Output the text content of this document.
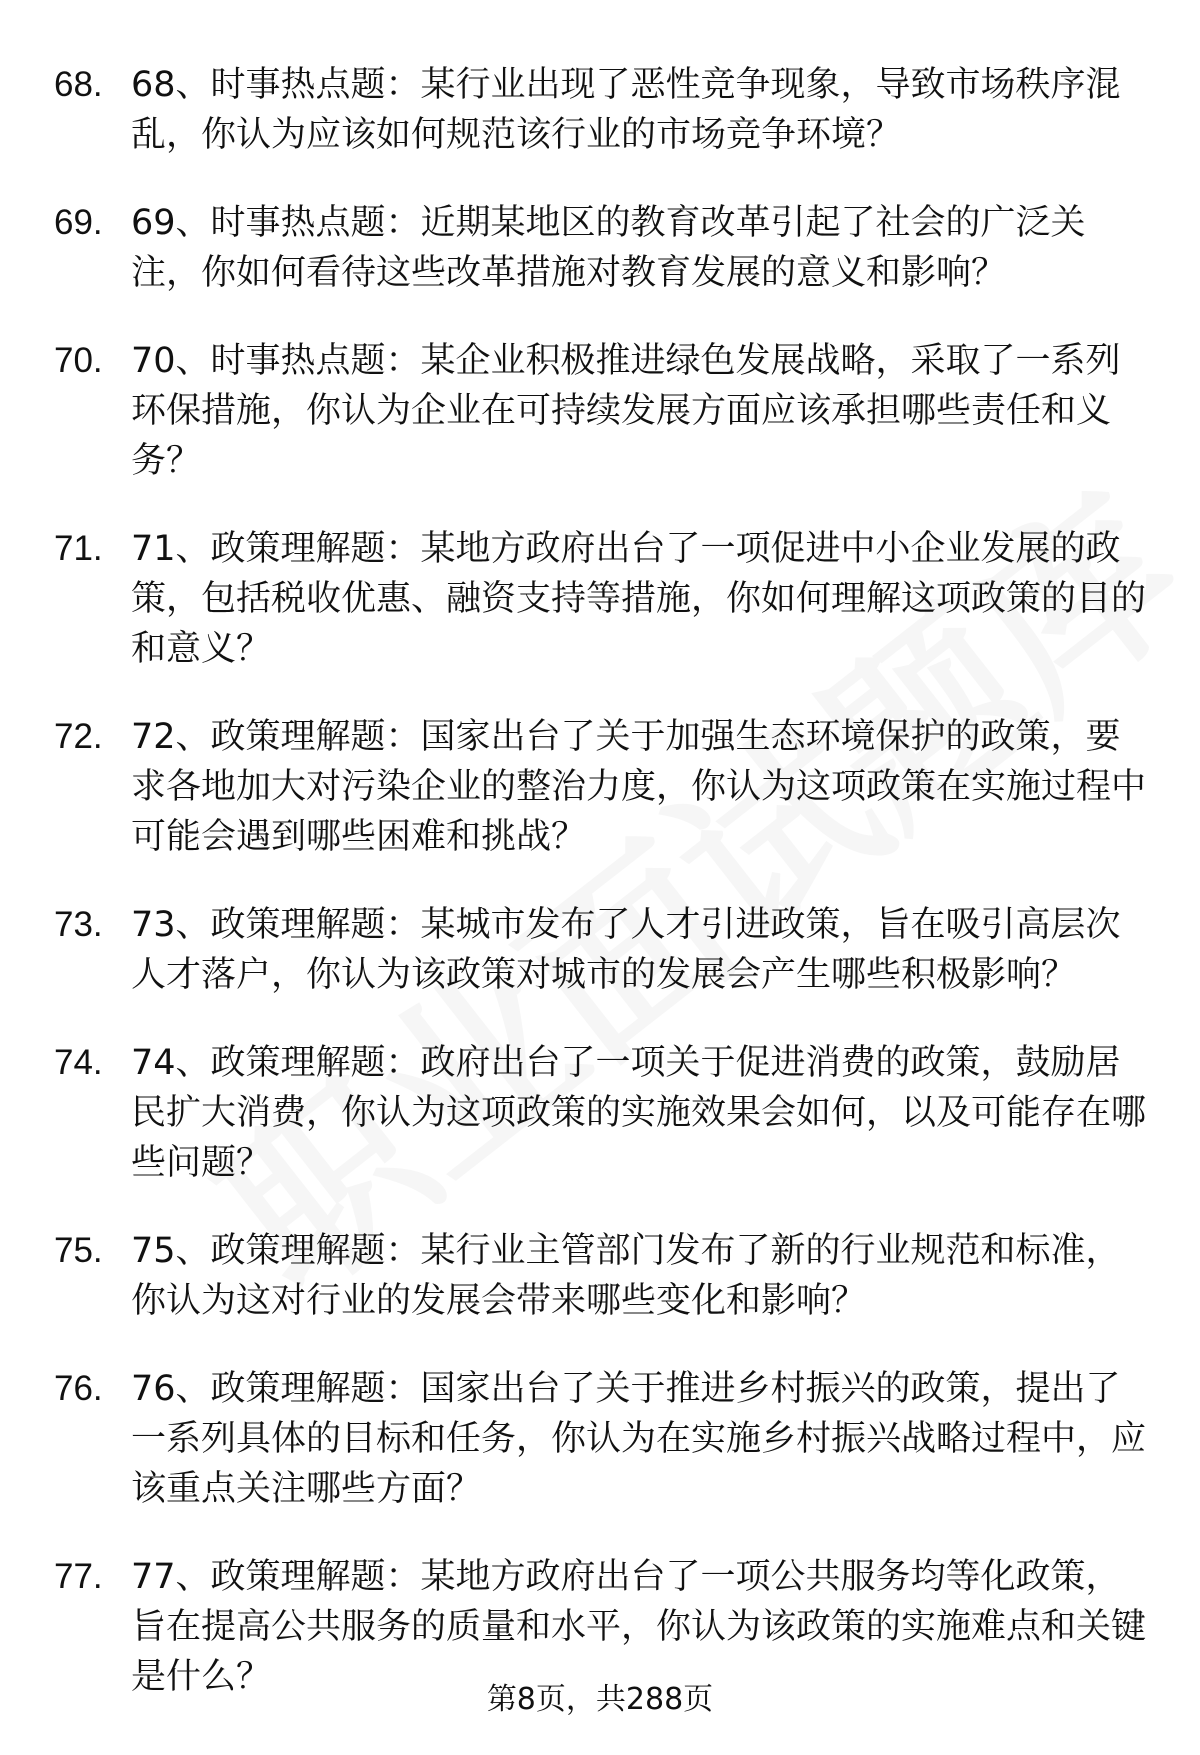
68. 68、时事热点题：某行业出现了恶性竞争现象，导致市场秩序混乱，你认为应该如何规范该行业的市场竞争环境？

69. 69、时事热点题：近期某地区的教育改革引起了社会的广泛关注，你如何看待这些改革措施对教育发展的意义和影响？

70. 70、时事热点题：某企业积极推进绿色发展战略，采取了一系列环保措施，你认为企业在可持续发展方面应该承担哪些责任和义务？

71. 71、政策理解题：某地方政府出台了一项促进中小企业发展的政策，包括税收优惠、融资支持等措施，你如何理解这项政策的目的和意义？

72. 72、政策理解题：国家出台了关于加强生态环境保护的政策，要求各地加大对污染企业的整治力度，你认为这项政策在实施过程中可能会遇到哪些困难和挑战？

73. 73、政策理解题：某城市发布了人才引进政策，旨在吸引高层次人才落户，你认为该政策对城市的发展会产生哪些积极影响？

74. 74、政策理解题：政府出台了一项关于促进消费的政策，鼓励居民扩大消费，你认为这项政策的实施效果会如何，以及可能存在哪些问题？

75. 75、政策理解题：某行业主管部门发布了新的行业规范和标准，你认为这对行业的发展会带来哪些变化和影响？

76. 76、政策理解题：国家出台了关于推进乡村振兴的政策，提出了一系列具体的目标和任务，你认为在实施乡村振兴战略过程中，应该重点关注哪些方面？

77. 77、政策理解题：某地方政府出台了一项公共服务均等化政策，旨在提高公共服务的质量和水平，你认为该政策的实施难点和关键是什么？

第8页，共288页
